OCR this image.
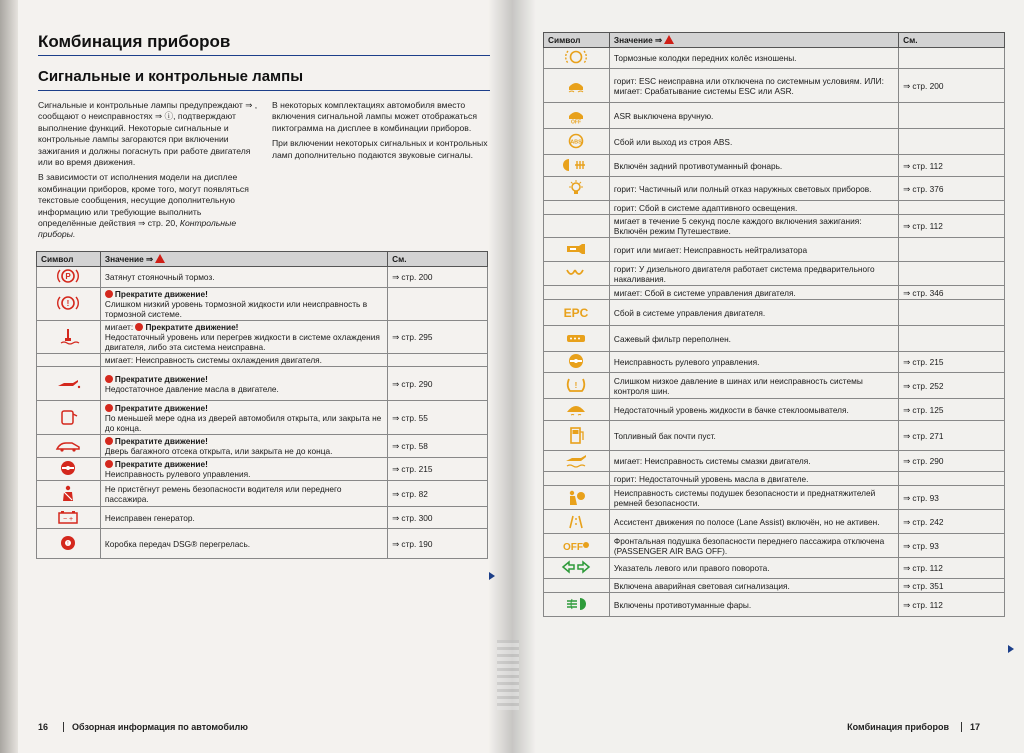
Комбинация приборов
Сигнальные и контрольные лампы

Сигнальные и контрольные лампы предупреждают ⇒ , сообщают о неисправностях ⇒ ⓘ, подтверждают выполнение функций. Некоторые сигнальные и контрольные лампы загораются при включении зажигания и должны погаснуть при работе двигателя или во время движения.

В зависимости от исполнения модели на дисплее комбинации приборов, кроме того, могут появляться текстовые сообщения, несущие дополнительную информацию или требующие выполнить определённые действия ⇒ стр. 20, Контрольные приборы.

В некоторых комплектациях автомобиля вместо включения сигнальной лампы может отображаться пиктограмма на дисплее в комбинации приборов.

При включении некоторых сигнальных и контрольных ламп дополнительно подаются звуковые сигналы.

Символ	Значение ⇒	См.

P	Затянут стояночный тормоз.	⇒ стр. 200

!	Прекратите движение!
Слишком низкий уровень тормозной жидкости или неисправность в тормозной системе.	
	мигает: Прекратите движение!
Недостаточный уровень или перегрев жидкости в системе охлаждения двигателя, либо эта система неисправна.	⇒ стр. 295
	мигает: Неисправность системы охлаждения двигателя.	
	Прекратите движение!
Недостаточное давление масла в двигателе.	⇒ стр. 290
	Прекратите движение!
По меньшей мере одна из дверей автомобиля открыта, или закрыта не до конца.	⇒ стр. 55
	Прекратите движение!
Дверь багажного отсека открыта, или закрыта не до конца.	⇒ стр. 58
	Прекратите движение!
Неисправность рулевого управления.	⇒ стр. 215
	Не пристёгнут ремень безопасности водителя или переднего пассажира.	⇒ стр. 82

− +	Неисправен генератор.	⇒ стр. 300

!	Коробка передач DSG® перегрелась.	⇒ стр. 190
16	Обзорная информация по автомобилю
Символ	Значение ⇒	См.
	Тормозные колодки передних колёс изношены.	
	горит: ESC неисправна или отключена по системным условиям. ИЛИ: мигает: Срабатывание системы ESC или ASR.	⇒ стр. 200

OFF	ASR выключена вручную.	

ABS	Сбой или выход из строя ABS.	
	Включён задний противотуманный фонарь.	⇒ стр. 112
	горит: Частичный или полный отказ наружных световых приборов.	⇒ стр. 376
	горит: Сбой в системе адаптивного освещения.	
	мигает в течение 5 секунд после каждого включения зажигания: Включён режим Путешествие.	⇒ стр. 112
	горит или мигает: Неисправность нейтрализатора	
	горит: У дизельного двигателя работает система предварительного накаливания.	
	мигает: Сбой в системе управления двигателя.	⇒ стр. 346

EPC	Сбой в системе управления двигателя.	
	Сажевый фильтр переполнен.	
	Неисправность рулевого управления.	⇒ стр. 215

!	Слишком низкое давление в шинах или неисправность системы контроля шин.	⇒ стр. 252
	Недостаточный уровень жидкости в бачке стеклоомывателя.	⇒ стр. 125
	Топливный бак почти пуст.	⇒ стр. 271
	мигает: Неисправность системы смазки двигателя.	⇒ стр. 290
	горит: Недостаточный уровень масла в двигателе.	
	Неисправность системы подушек безопасности и преднатяжителей ремней безопасности.	⇒ стр. 93
	Ассистент движения по полосе (Lane Assist) включён, но не активен.	⇒ стр. 242

OFF	Фронтальная подушка безопасности переднего пассажира отключена (PASSENGER AIR BAG OFF).	⇒ стр. 93
	Указатель левого или правого поворота.	⇒ стр. 112
	Включена аварийная световая сигнализация.	⇒ стр. 351
	Включены противотуманные фары.	⇒ стр. 112
Комбинация приборов 17
